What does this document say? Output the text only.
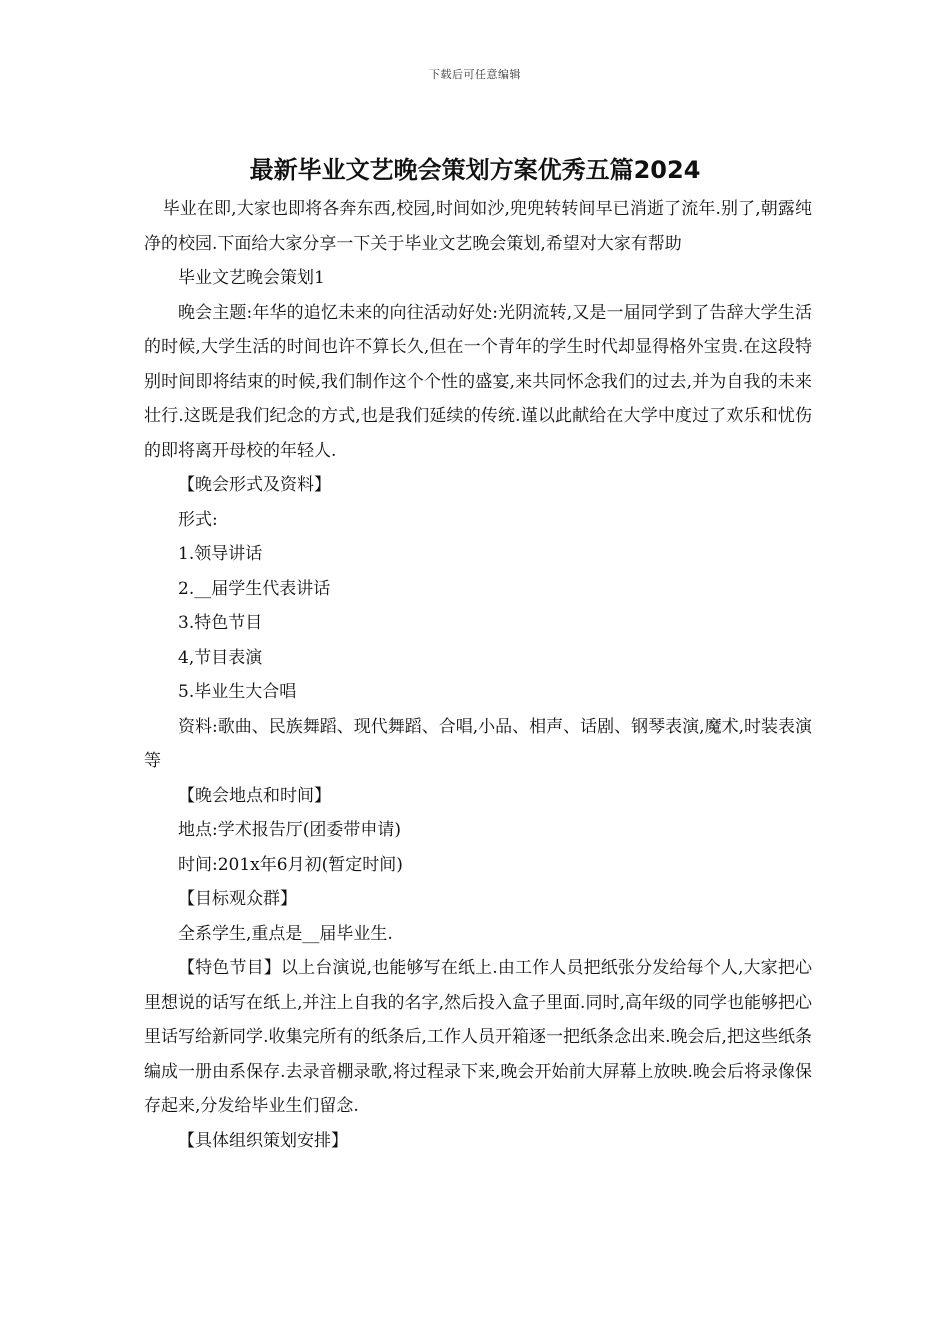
下载后可任意编辑
最新毕业文艺晚会策划方案优秀五篇2024

毕业在即,大家也即将各奔东西,校园,时间如沙,兜兜转转间早已消逝了流年.别了,朝露纯净的校园.下面给大家分享一下关于毕业文艺晚会策划,希望对大家有帮助

毕业文艺晚会策划1

晚会主题:年华的追忆未来的向往活动好处:光阴流转,又是一届同学到了告辞大学生活的时候,大学生活的时间也许不算长久,但在一个青年的学生时代却显得格外宝贵.在这段特别时间即将结束的时候,我们制作这个个性的盛宴,来共同怀念我们的过去,并为自我的未来壮行.这既是我们纪念的方式,也是我们延续的传统.谨以此献给在大学中度过了欢乐和忧伤的即将离开母校的年轻人.

【晚会形式及资料】

形式:

1.领导讲话

2.__届学生代表讲话

3.特色节目

4,节目表演

5.毕业生大合唱

资料:歌曲、民族舞蹈、现代舞蹈、合唱,小品、相声、话剧、钢琴表演,魔术,时装表演等

【晚会地点和时间】

地点:学术报告厅(团委带申请)

时间:201x年6月初(暂定时间)

【目标观众群】

全系学生,重点是__届毕业生.

【特色节目】以上台演说,也能够写在纸上.由工作人员把纸张分发给每个人,大家把心里想说的话写在纸上,并注上自我的名字,然后投入盒子里面.同时,高年级的同学也能够把心里话写给新同学.收集完所有的纸条后,工作人员开箱逐一把纸条念出来.晚会后,把这些纸条编成一册由系保存.去录音棚录歌,将过程录下来,晚会开始前大屏幕上放映.晚会后将录像保存起来,分发给毕业生们留念.

【具体组织策划安排】
